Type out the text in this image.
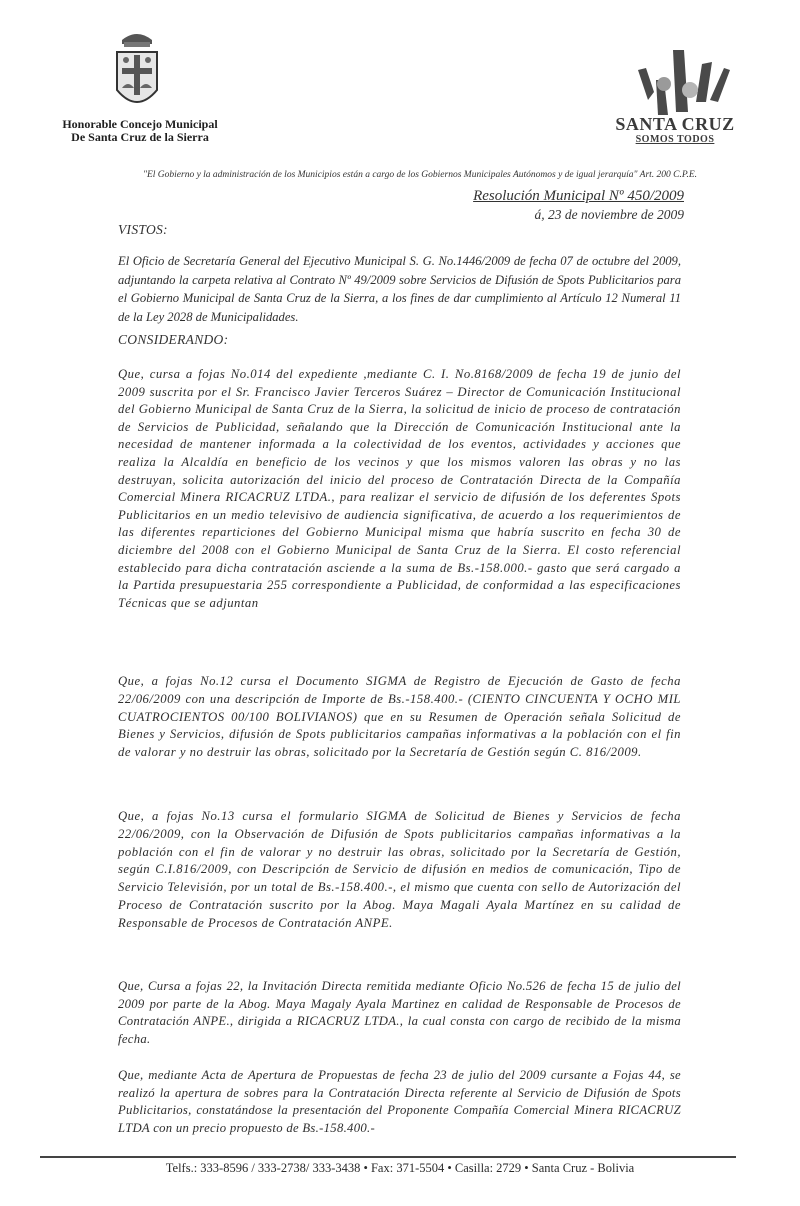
Honorable Concejo Municipal
De Santa Cruz de la Sierra
SANTA CRUZ
SOMOS TODOS
"El Gobierno y la administración de los Municipios están a cargo de los Gobiernos Municipales Autónomos y de igual jerarquía" Art. 200 C.P.E.
Resolución Municipal Nº 450/2009
á, 23 de noviembre de 2009
VISTOS:
El Oficio de Secretaría General del Ejecutivo Municipal S. G. No.1446/2009 de fecha 07 de octubre del 2009, adjuntando la carpeta relativa al Contrato Nº 49/2009 sobre Servicios de Difusión de Spots Publicitarios para el Gobierno Municipal de Santa Cruz de la Sierra, a los fines de dar cumplimiento al Artículo 12 Numeral 11 de la Ley 2028 de Municipalidades.
CONSIDERANDO:
Que, cursa a fojas No.014 del expediente ,mediante C. I. No.8168/2009 de fecha 19 de junio del 2009 suscrita por el Sr. Francisco Javier Terceros Suárez – Director de Comunicación Institucional del Gobierno Municipal de Santa Cruz de la Sierra, la solicitud de inicio de proceso de contratación de Servicios de Publicidad, señalando que la Dirección de Comunicación Institucional ante la necesidad de mantener informada a la colectividad de los eventos, actividades y acciones que realiza la Alcaldía en beneficio de los vecinos y que los mismos valoren las obras y no las destruyan, solicita autorización del inicio del proceso de Contratación Directa de la Compañía Comercial Minera RICACRUZ LTDA., para realizar el servicio de difusión de los deferentes Spots Publicitarios en un medio televisivo de audiencia significativa, de acuerdo a los requerimientos de las diferentes reparticiones del Gobierno Municipal misma que habría suscrito en fecha 30 de diciembre del 2008 con el Gobierno Municipal de Santa Cruz de la Sierra. El costo referencial establecido para dicha contratación asciende a la suma de Bs.-158.000.- gasto que será cargado a la Partida presupuestaria 255 correspondiente a Publicidad, de conformidad a las especificaciones Técnicas que se adjuntan
Que, a fojas No.12 cursa el Documento SIGMA de Registro de Ejecución de Gasto de fecha 22/06/2009 con una descripción de Importe de Bs.-158.400.- (CIENTO CINCUENTA Y OCHO MIL CUATROCIENTOS 00/100 BOLIVIANOS) que en su Resumen de Operación señala Solicitud de Bienes y Servicios, difusión de Spots publicitarios campañas informativas a la población con el fin de valorar y no destruir las obras, solicitado por la Secretaría de Gestión según C. 816/2009.
Que, a fojas No.13 cursa el formulario SIGMA de Solicitud de Bienes y Servicios de fecha 22/06/2009, con la Observación de Difusión de Spots publicitarios campañas informativas a la población con el fin de valorar y no destruir las obras, solicitado por la Secretaría de Gestión, según C.I.816/2009, con Descripción de Servicio de difusión en medios de comunicación, Tipo de Servicio Televisión, por un total de Bs.-158.400.-, el mismo que cuenta con sello de Autorización del Proceso de Contratación suscrito por la Abog. Maya Magali Ayala Martínez en su calidad de Responsable de Procesos de Contratación ANPE.
Que, Cursa a fojas 22, la Invitación Directa remitida mediante Oficio No.526 de fecha 15 de julio del 2009 por parte de la Abog. Maya Magaly Ayala Martinez en calidad de Responsable de Procesos de Contratación ANPE., dirigida a RICACRUZ LTDA., la cual consta con cargo de recibido de la misma fecha.
Que, mediante Acta de Apertura de Propuestas de fecha 23 de julio del 2009 cursante a Fojas 44, se realizó la apertura de sobres para la Contratación Directa referente al Servicio de Difusión de Spots Publicitarios, constatándose la presentación del Proponente Compañía Comercial Minera RICACRUZ LTDA con un precio propuesto de Bs.-158.400.-
Telfs.: 333-8596 / 333-2738/ 333-3438 • Fax: 371-5504 • Casilla: 2729 • Santa Cruz - Bolivia
